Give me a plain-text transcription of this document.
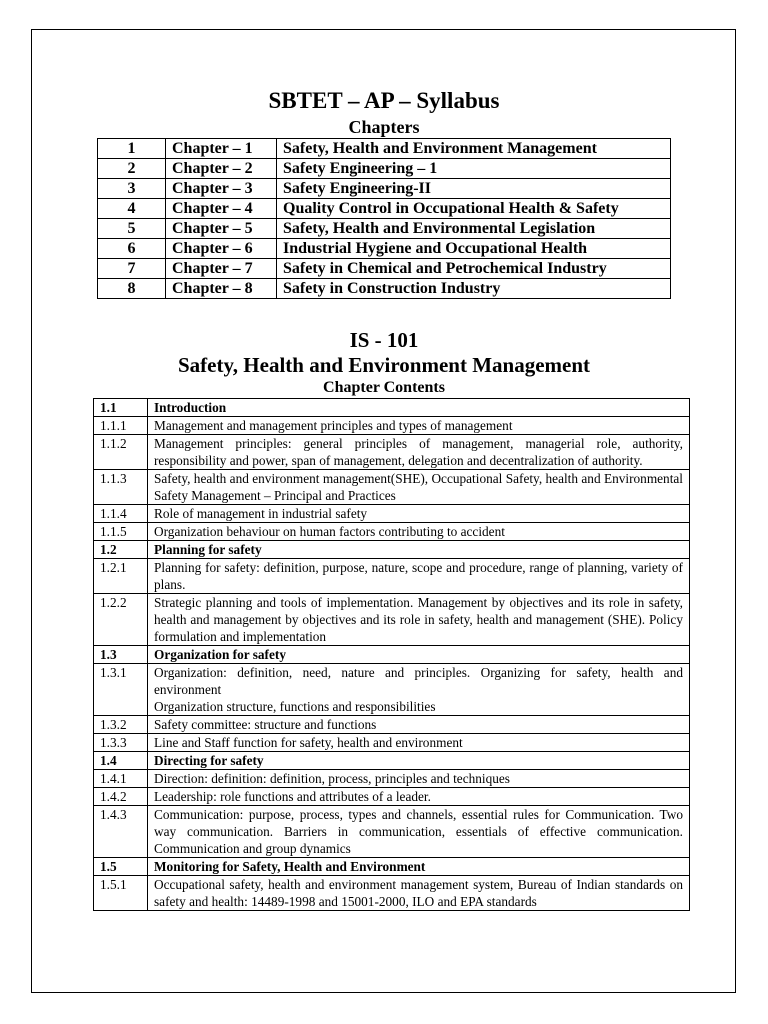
SBTET – AP – Syllabus
Chapters
1	Chapter – 1	Safety, Health and Environment Management
2	Chapter – 2	Safety Engineering – 1
3	Chapter – 3	Safety Engineering-II
4	Chapter – 4	Quality Control in Occupational Health & Safety
5	Chapter – 5	Safety, Health and Environmental Legislation
6	Chapter – 6	Industrial Hygiene and Occupational Health
7	Chapter – 7	Safety in Chemical and Petrochemical Industry
8	Chapter – 8	Safety in Construction Industry
IS - 101
Safety, Health and Environment Management
Chapter Contents
1.1	Introduction

1.1.1	Management and management principles and types of management

1.1.2	Management principles: general principles of management, managerial role, authority, responsibility and power, span of management, delegation and decentralization of authority.

1.1.3	Safety, health and environment management(SHE), Occupational Safety, health and Environmental Safety Management – Principal and Practices

1.1.4	Role of management in industrial safety

1.1.5	Organization behaviour on human factors contributing to accident

1.2	Planning for safety

1.2.1	Planning for safety: definition, purpose, nature, scope and procedure, range of planning, variety of plans.

1.2.2	Strategic planning and tools of implementation. Management by objectives and its role in safety, health and management by objectives and its role in safety, health and management (SHE). Policy formulation and implementation

1.3	Organization for safety

1.3.1	Organization: definition, need, nature and principles. Organizing for safety, health and environment
Organization structure, functions and responsibilities

1.3.2	Safety committee: structure and functions

1.3.3	Line and Staff function for safety, health and environment

1.4	Directing for safety

1.4.1	Direction: definition: definition, process, principles and techniques

1.4.2	Leadership: role functions and attributes of a leader.

1.4.3	Communication: purpose, process, types and channels, essential rules for Communication. Two way communication. Barriers in communication, essentials of effective communication. Communication and group dynamics

1.5	Monitoring for Safety, Health and Environment

1.5.1	Occupational safety, health and environment management system, Bureau of Indian standards on safety and health: 14489-1998 and 15001-2000, ILO and EPA standards
